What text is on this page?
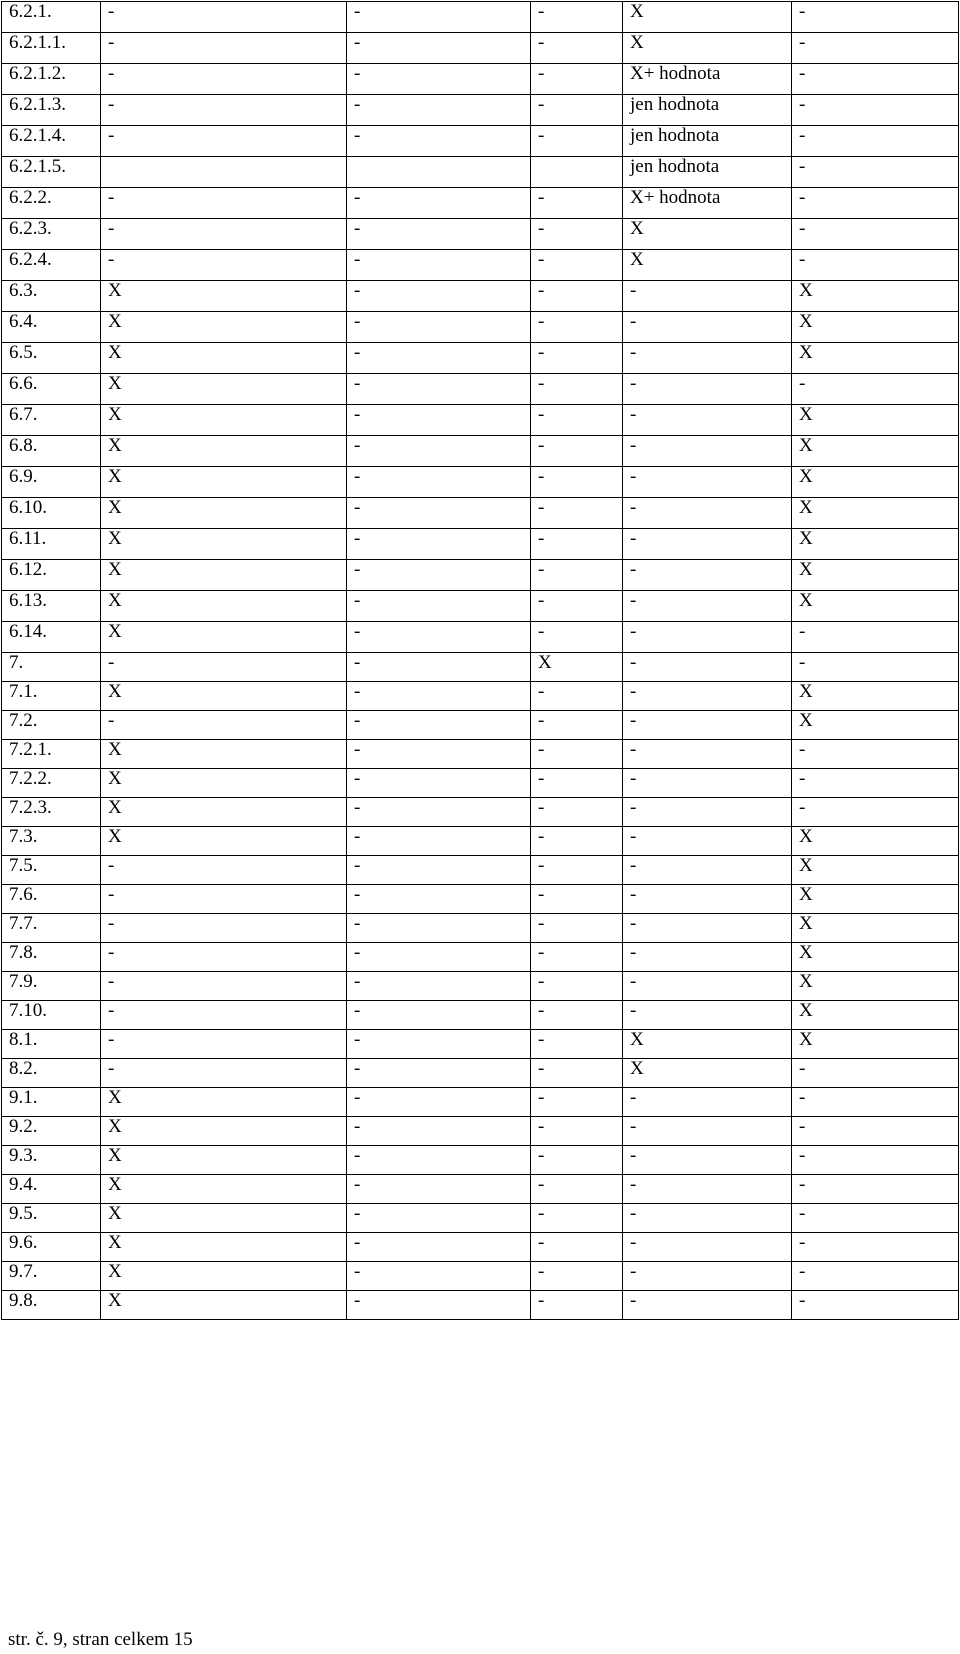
6.2.1.	-	-	-	X	-
6.2.1.1.	-	-	-	X	-
6.2.1.2.	-	-	-	X+ hodnota	-
6.2.1.3.	-	-	-	jen hodnota	-
6.2.1.4.	-	-	-	jen hodnota	-
6.2.1.5.				jen hodnota	-
6.2.2.	-	-	-	X+ hodnota	-
6.2.3.	-	-	-	X	-
6.2.4.	-	-	-	X	-
6.3.	X	-	-	-	X
6.4.	X	-	-	-	X
6.5.	X	-	-	-	X
6.6.	X	-	-	-	-
6.7.	X	-	-	-	X
6.8.	X	-	-	-	X
6.9.	X	-	-	-	X
6.10.	X	-	-	-	X
6.11.	X	-	-	-	X
6.12.	X	-	-	-	X
6.13.	X	-	-	-	X
6.14.	X	-	-	-	-
7.	-	-	X	-	-
7.1.	X	-	-	-	X
7.2.	-	-	-	-	X
7.2.1.	X	-	-	-	-
7.2.2.	X	-	-	-	-
7.2.3.	X	-	-	-	-
7.3.	X	-	-	-	X
7.5.	-	-	-	-	X
7.6.	-	-	-	-	X
7.7.	-	-	-	-	X
7.8.	-	-	-	-	X
7.9.	-	-	-	-	X
7.10.	-	-	-	-	X
8.1.	-	-	-	X	X
8.2.	-	-	-	X	-
9.1.	X	-	-	-	-
9.2.	X	-	-	-	-
9.3.	X	-	-	-	-
9.4.	X	-	-	-	-
9.5.	X	-	-	-	-
9.6.	X	-	-	-	-
9.7.	X	-	-	-	-
9.8.	X	-	-	-	-
str. č. 9, stran celkem 15
